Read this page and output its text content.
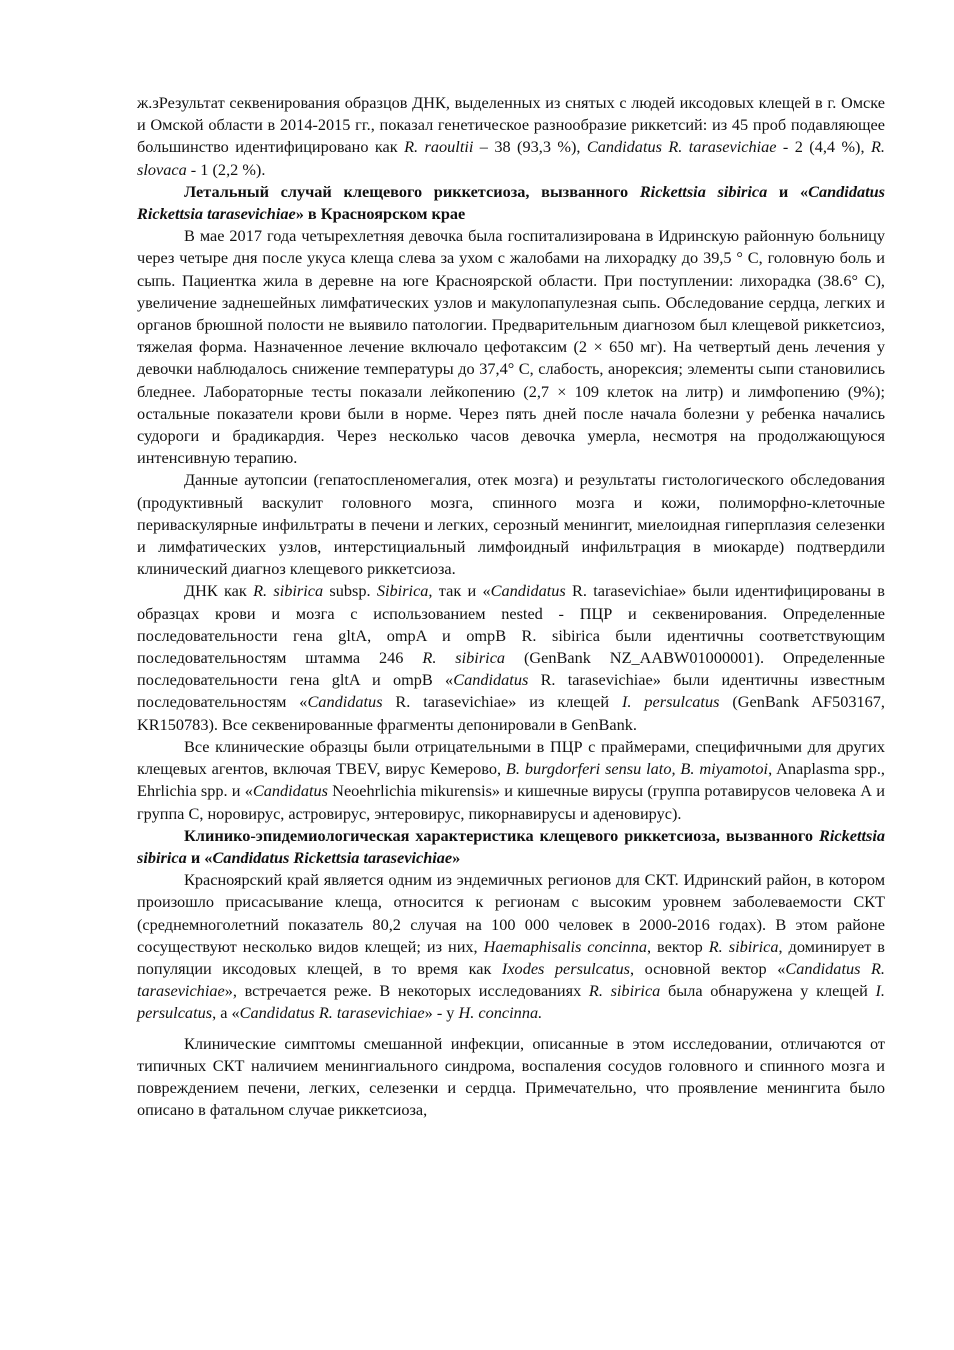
ж.зРезультат секвенирования образцов ДНК, выделенных из снятых с людей иксодовых клещей в г. Омске и Омской области в 2014-2015 гг., показал генетическое разнообразие риккетсий: из 45 проб подавляющее большинство идентифицировано как R. raoultii – 38 (93,3 %), Candidatus R. tarasevichiae - 2 (4,4 %), R. slovaca - 1 (2,2 %).

Летальный случай клещевого риккетсиоза, вызванного Rickettsia sibirica и «Candidatus Rickettsia tarasevichiae» в Красноярском крае

В мае 2017 года четырехлетняя девочка была госпитализирована в Идринскую районную больницу через четыре дня после укуса клеща слева за ухом с жалобами на лихорадку до 39,5 ° С, головную боль и сыпь. Пациентка жила в деревне на юге Красноярской области. При поступлении: лихорадка (38.6° С), увеличение заднешейных лимфатических узлов и макулопапулезная сыпь. Обследование сердца, легких и органов брюшной полости не выявило патологии. Предварительным диагнозом был клещевой риккетсиоз, тяжелая форма. Назначенное лечение включало цефотаксим (2 × 650 мг). На четвертый день лечения у девочки наблюдалось снижение температуры до 37,4° С, слабость, анорексия; элементы сыпи становились бледнее. Лабораторные тесты показали лейкопению (2,7 × 109 клеток на литр) и лимфопению (9%); остальные показатели крови были в норме. Через пять дней после начала болезни у ребенка начались судороги и брадикардия. Через несколько часов девочка умерла, несмотря на продолжающуюся интенсивную терапию.

Данные аутопсии (гепатоспленомегалия, отек мозга) и результаты гистологического обследования (продуктивный васкулит головного мозга, спинного мозга и кожи, полиморфно-клеточные периваскулярные инфильтраты в печени и легких, серозный менингит, миелоидная гиперплазия селезенки и лимфатических узлов, интерстициальный лимфоидный инфильтрация в миокарде) подтвердили клинический диагноз клещевого риккетсиоза.

ДНК как R. sibirica subsp. Sibirica, так и «Candidatus R. tarasevichiae» были идентифицированы в образцах крови и мозга с использованием nested - ПЦР и секвенирования. Определенные последовательности гена gltA, ompA и ompB R. sibirica были идентичны соответствующим последовательностям штамма 246 R. sibirica (GenBank NZ_AABW01000001). Определенные последовательности гена gltA и ompB «Candidatus R. tarasevichiae» были идентичны известным последовательностям «Candidatus R. tarasevichiae» из клещей I. persulcatus (GenBank AF503167, KR150783). Все секвенированные фрагменты депонировали в GenBank.

Все клинические образцы были отрицательными в ПЦР с праймерами, специфичными для других клещевых агентов, включая TBEV, вирус Кемерово, B. burgdorferi sensu lato, B. miyamotoi, Anaplasma spp., Ehrlichia spp. и «Candidatus Neoehrlichia mikurensis» и кишечные вирусы (группа ротавирусов человека А и группа С, норовирус, астровирус, энтеровирус, пикорнавирусы и аденовирус).

Клинико-эпидемиологическая характеристика клещевого риккетсиоза, вызванного Rickettsia sibirica и «Candidatus Rickettsia tarasevichiae»

Красноярский край является одним из эндемичных регионов для СКТ. Идринский район, в котором произошло присасывание клеща, относится к регионам с высоким уровнем заболеваемости СКТ (среднемноголетний показатель 80,2 случая на 100 000 человек в 2000-2016 годах). В этом районе сосуществуют несколько видов клещей; из них, Haemaphisalis concinna, вектор R. sibirica, доминирует в популяции иксодовых клещей, в то время как Ixodes persulcatus, основной вектор «Candidatus R. tarasevichiae», встречается реже. В некоторых исследованиях R. sibirica была обнаружена у клещей I. persulcatus, а «Candidatus R. tarasevichiae» - у H. concinna.

Клинические симптомы смешанной инфекции, описанные в этом исследовании, отличаются от типичных СКТ наличием менингиального синдрома, воспаления сосудов головного и спинного мозга и повреждением печени, легких, селезенки и сердца. Примечательно, что проявление менингита было описано в фатальном случае риккетсиоза,
